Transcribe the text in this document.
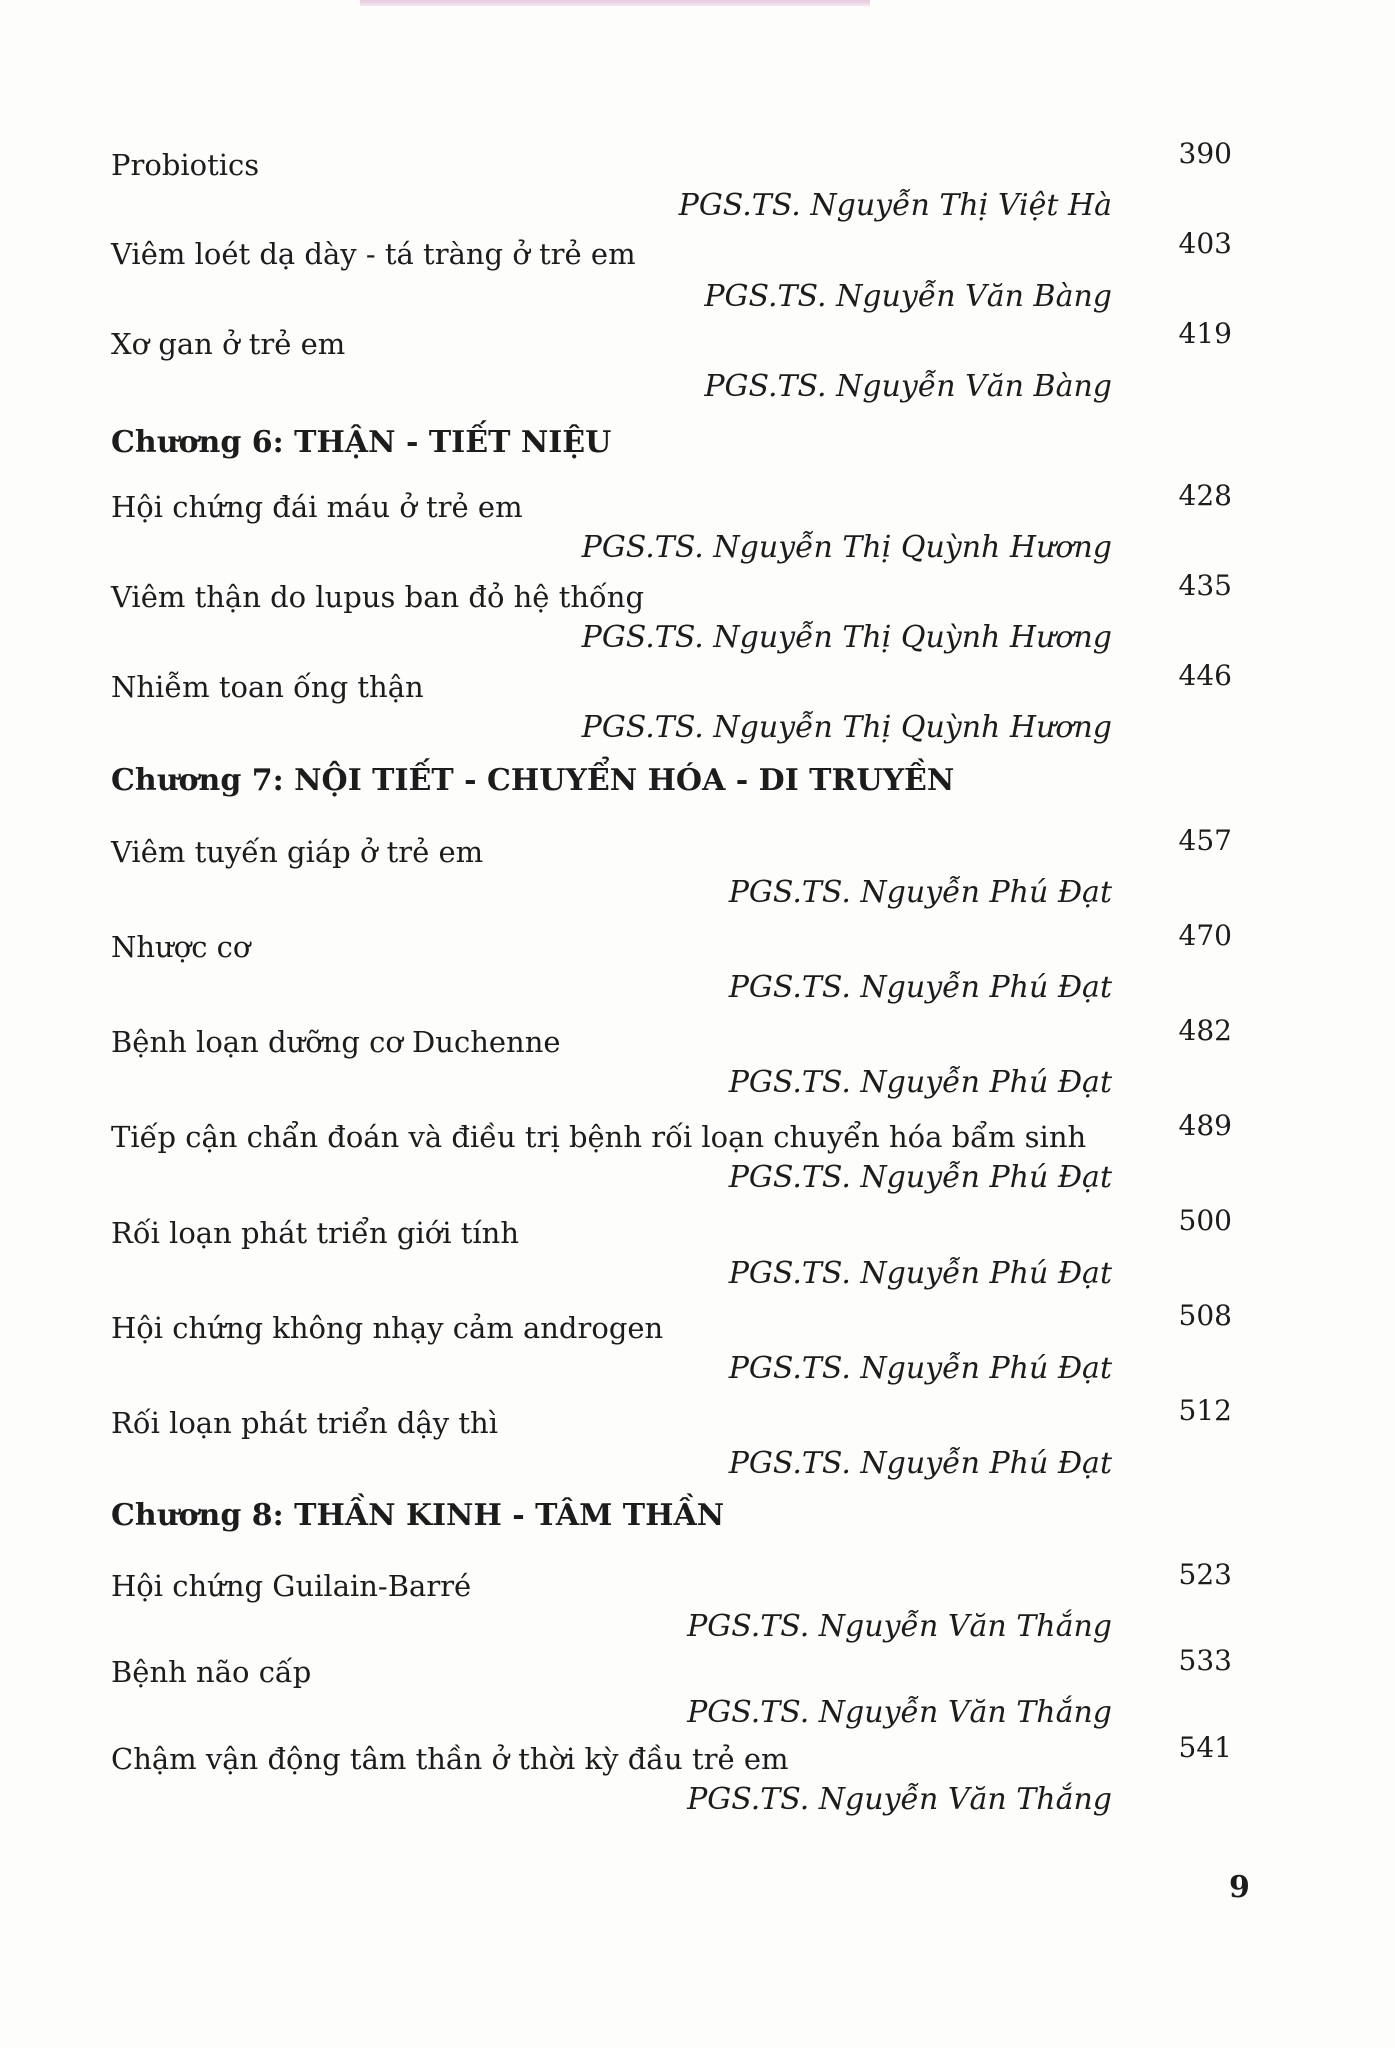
Probiotics	390
PGS.TS. Nguyễn Thị Việt Hà
Viêm loét dạ dày - tá tràng ở trẻ em	403
PGS.TS. Nguyễn Văn Bàng
Xơ gan ở trẻ em	419
PGS.TS. Nguyễn Văn Bàng
Chương 6: THẬN - TIẾT NIỆU
Hội chứng đái máu ở trẻ em	428
PGS.TS. Nguyễn Thị Quỳnh Hương
Viêm thận do lupus ban đỏ hệ thống	435
PGS.TS. Nguyễn Thị Quỳnh Hương
Nhiễm toan ống thận	446
PGS.TS. Nguyễn Thị Quỳnh Hương
Chương 7: NỘI TIẾT - CHUYỂN HÓA - DI TRUYỀN
Viêm tuyến giáp ở trẻ em	457
PGS.TS. Nguyễn Phú Đạt
Nhược cơ	470
PGS.TS. Nguyễn Phú Đạt
Bệnh loạn dưỡng cơ Duchenne	482
PGS.TS. Nguyễn Phú Đạt
Tiếp cận chẩn đoán và điều trị bệnh rối loạn chuyển hóa bẩm sinh	489
PGS.TS. Nguyễn Phú Đạt
Rối loạn phát triển giới tính	500
PGS.TS. Nguyễn Phú Đạt
Hội chứng không nhạy cảm androgen	508
PGS.TS. Nguyễn Phú Đạt
Rối loạn phát triển dậy thì	512
PGS.TS. Nguyễn Phú Đạt
Chương 8: THẦN KINH - TÂM THẦN
Hội chứng Guilain-Barré	523
PGS.TS. Nguyễn Văn Thắng
Bệnh não cấp	533
PGS.TS. Nguyễn Văn Thắng
Chậm vận động tâm thần ở thời kỳ đầu trẻ em	541
PGS.TS. Nguyễn Văn Thắng
9
